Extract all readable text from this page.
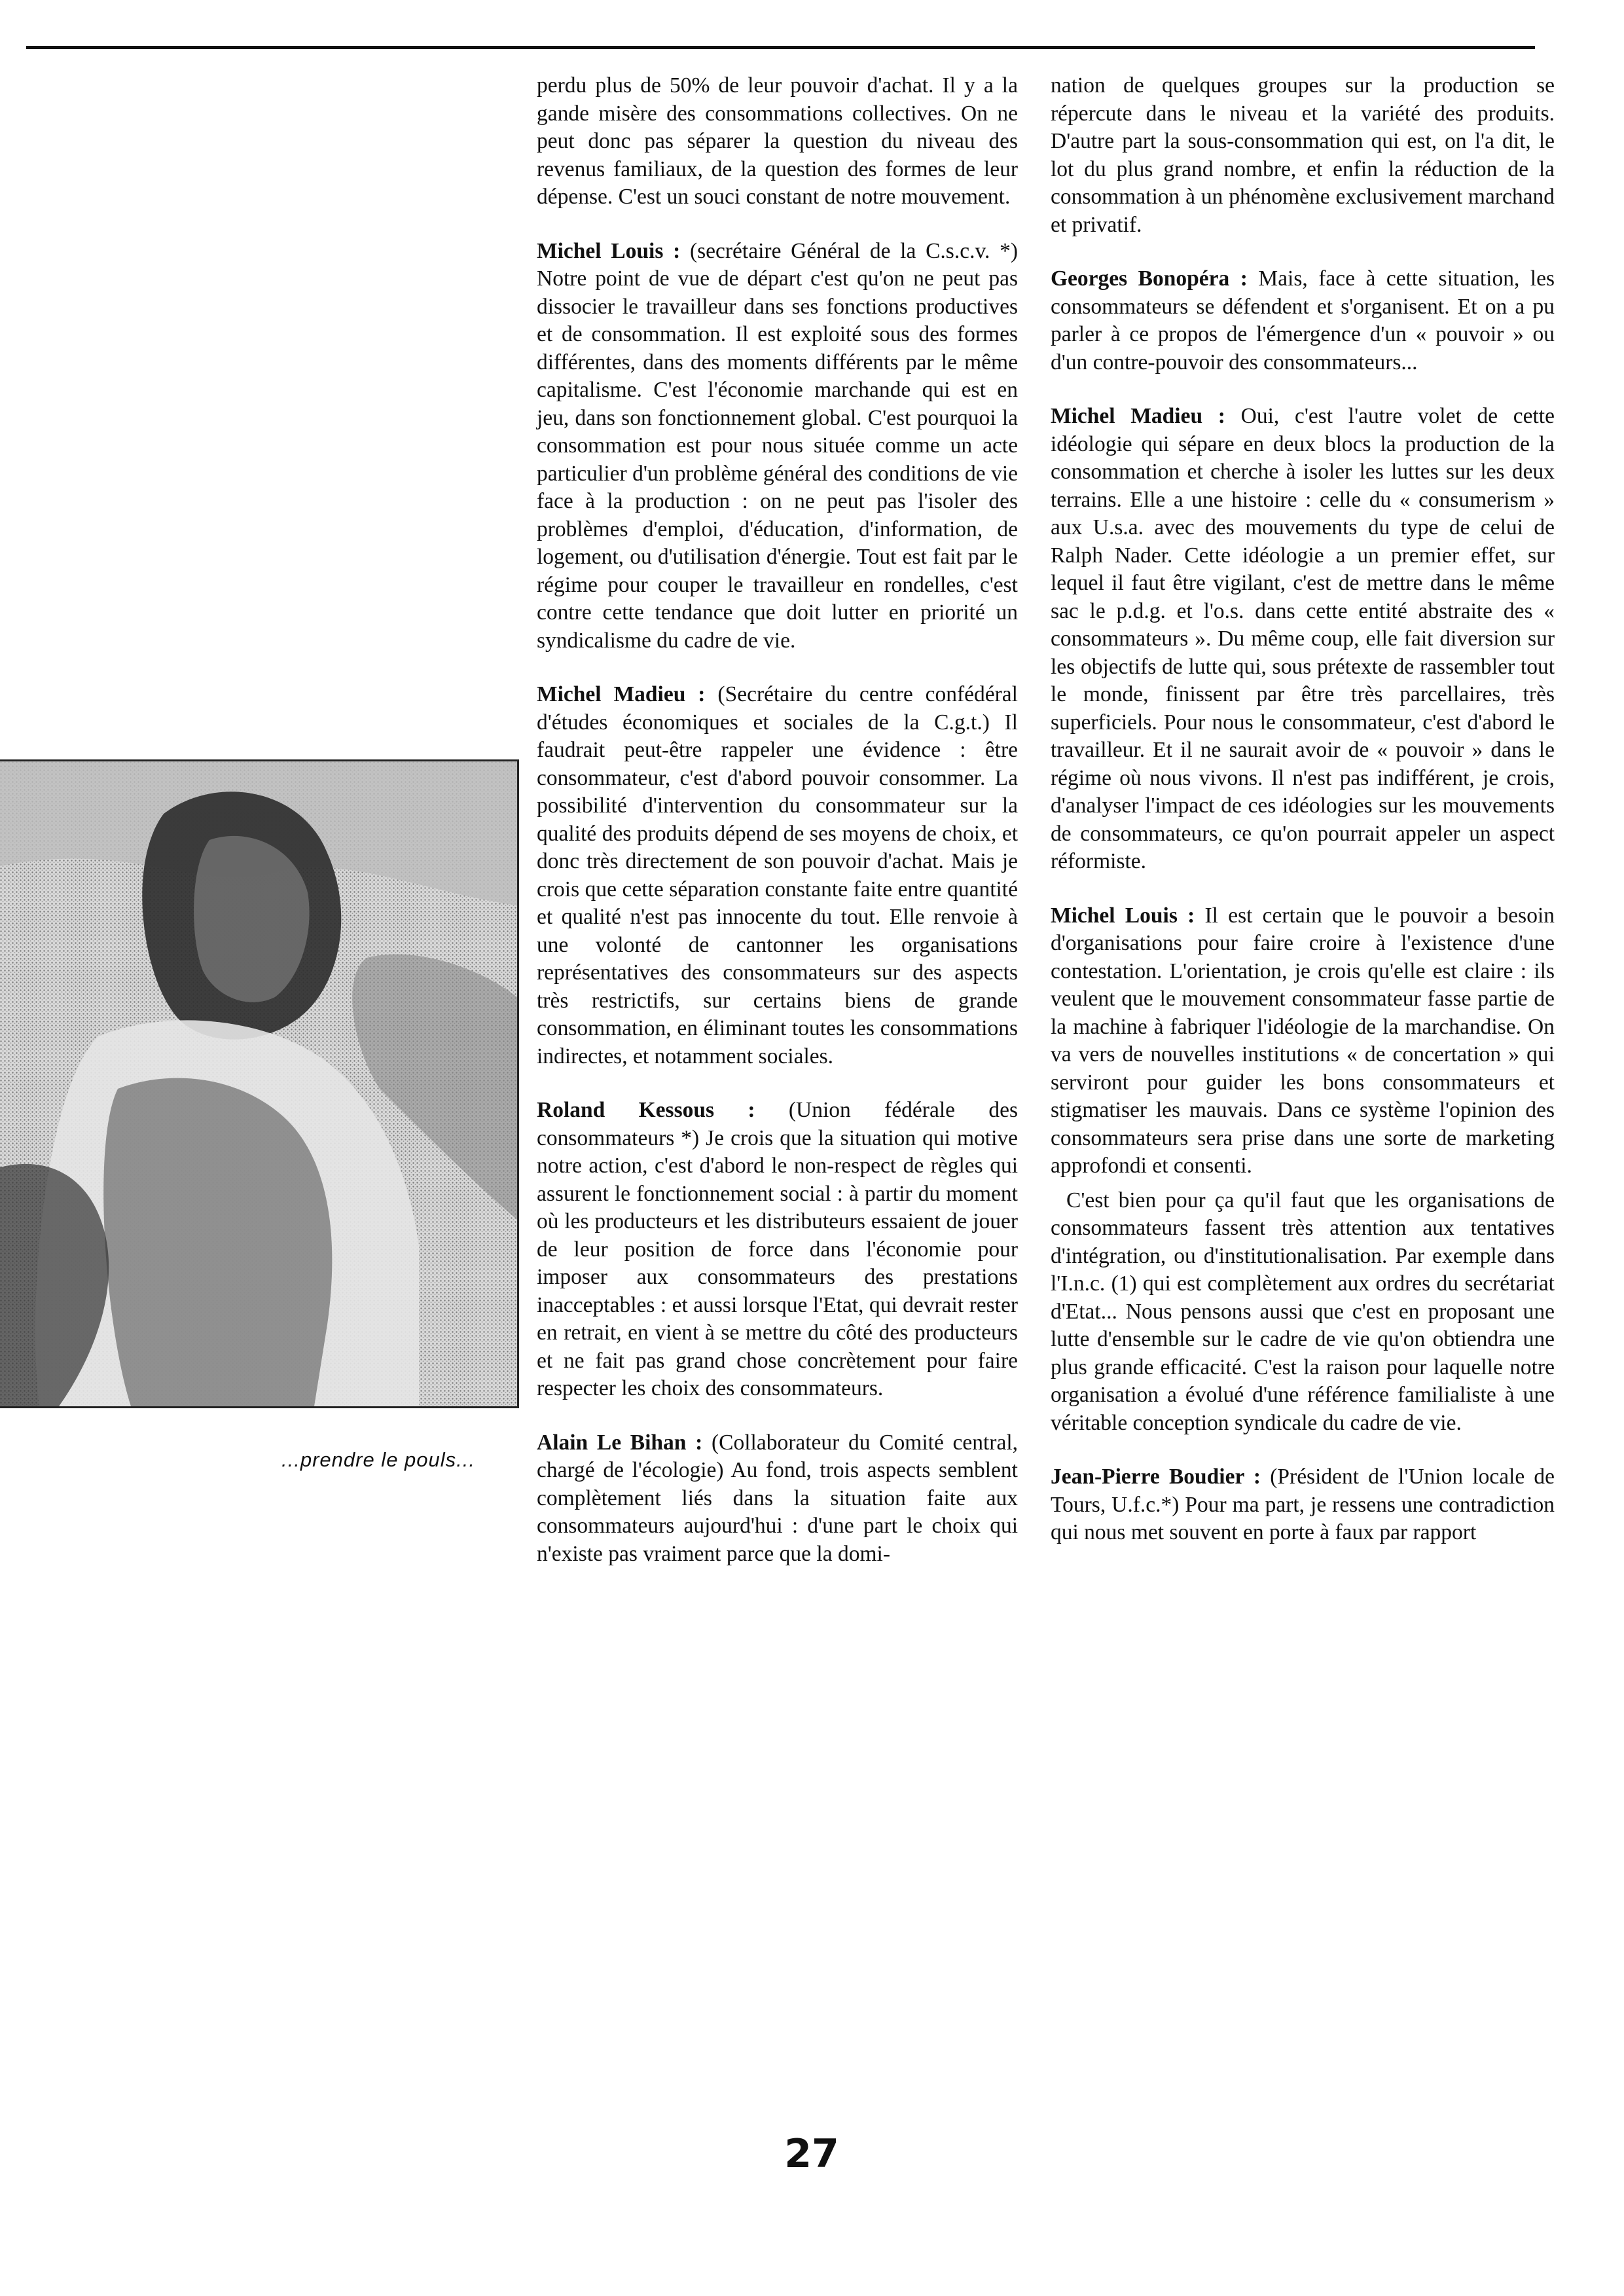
...prendre le pouls...

perdu plus de 50% de leur pouvoir d'achat. Il y a la gande misère des consommations collectives. On ne peut donc pas séparer la question du niveau des revenus familiaux, de la question des formes de leur dépense. C'est un souci constant de notre mouvement.

Michel Louis : (secrétaire Général de la C.s.c.v. *) Notre point de vue de départ c'est qu'on ne peut pas dissocier le travailleur dans ses fonctions productives et de consommation. Il est exploité sous des formes différentes, dans des moments différents par le même capitalisme. C'est l'économie marchande qui est en jeu, dans son fonctionnement global. C'est pourquoi la consommation est pour nous située comme un acte particulier d'un problème général des conditions de vie face à la production : on ne peut pas l'isoler des problèmes d'emploi, d'éducation, d'information, de logement, ou d'utilisation d'énergie. Tout est fait par le régime pour couper le travailleur en rondelles, c'est contre cette tendance que doit lutter en priorité un syndicalisme du cadre de vie.

Michel Madieu : (Secrétaire du centre confédéral d'études économiques et sociales de la C.g.t.) Il faudrait peut-être rappeler une évidence : être consommateur, c'est d'abord pouvoir consommer. La possibilité d'intervention du consommateur sur la qualité des produits dépend de ses moyens de choix, et donc très directement de son pouvoir d'achat. Mais je crois que cette séparation constante faite entre quantité et qualité n'est pas innocente du tout. Elle renvoie à une volonté de cantonner les organisations représentatives des consommateurs sur des aspects très restrictifs, sur certains biens de grande consommation, en éliminant toutes les consommations indirectes, et notamment sociales.

Roland Kessous : (Union fédérale des consommateurs *) Je crois que la situation qui motive notre action, c'est d'abord le non-respect de règles qui assurent le fonctionnement social : à partir du moment où les producteurs et les distributeurs essaient de jouer de leur position de force dans l'économie pour imposer aux consommateurs des prestations inacceptables : et aussi lorsque l'Etat, qui devrait rester en retrait, en vient à se mettre du côté des producteurs et ne fait pas grand chose concrètement pour faire respecter les choix des consommateurs.

Alain Le Bihan : (Collaborateur du Comité central, chargé de l'écologie) Au fond, trois aspects semblent complètement liés dans la situation faite aux consommateurs aujourd'hui : d'une part le choix qui n'existe pas vraiment parce que la domi-

nation de quelques groupes sur la production se répercute dans le niveau et la variété des produits. D'autre part la sous-consommation qui est, on l'a dit, le lot du plus grand nombre, et enfin la réduction de la consommation à un phénomène exclusivement marchand et privatif.

Georges Bonopéra : Mais, face à cette situation, les consommateurs se défendent et s'organisent. Et on a pu parler à ce propos de l'émergence d'un « pouvoir » ou d'un contre-pouvoir des consommateurs...

Michel Madieu : Oui, c'est l'autre volet de cette idéologie qui sépare en deux blocs la production de la consommation et cherche à isoler les luttes sur les deux terrains. Elle a une histoire : celle du « consumerism » aux U.s.a. avec des mouvements du type de celui de Ralph Nader. Cette idéologie a un premier effet, sur lequel il faut être vigilant, c'est de mettre dans le même sac le p.d.g. et l'o.s. dans cette entité abstraite des « consommateurs ». Du même coup, elle fait diversion sur les objectifs de lutte qui, sous prétexte de rassembler tout le monde, finissent par être très parcellaires, très superficiels. Pour nous le consommateur, c'est d'abord le travailleur. Et il ne saurait avoir de « pouvoir » dans le régime où nous vivons. Il n'est pas indifférent, je crois, d'analyser l'impact de ces idéologies sur les mouvements de consommateurs, ce qu'on pourrait appeler un aspect réformiste.

Michel Louis : Il est certain que le pouvoir a besoin d'organisations pour faire croire à l'existence d'une contestation. L'orientation, je crois qu'elle est claire : ils veulent que le mouvement consommateur fasse partie de la machine à fabriquer l'idéologie de la marchandise. On va vers de nouvelles institutions « de concertation » qui serviront pour guider les bons consommateurs et stigmatiser les mauvais. Dans ce système l'opinion des consommateurs sera prise dans une sorte de marketing approfondi et consenti.

C'est bien pour ça qu'il faut que les organisations de consommateurs fassent très attention aux tentatives d'intégration, ou d'institutionalisation. Par exemple dans l'I.n.c. (1) qui est complètement aux ordres du secrétariat d'Etat... Nous pensons aussi que c'est en proposant une lutte d'ensemble sur le cadre de vie qu'on obtiendra une plus grande efficacité. C'est la raison pour laquelle notre organisation a évolué d'une référence familialiste à une véritable conception syndicale du cadre de vie.

Jean-Pierre Boudier : (Président de l'Union locale de Tours, U.f.c.*) Pour ma part, je ressens une contradiction qui nous met souvent en porte à faux par rapport

27
